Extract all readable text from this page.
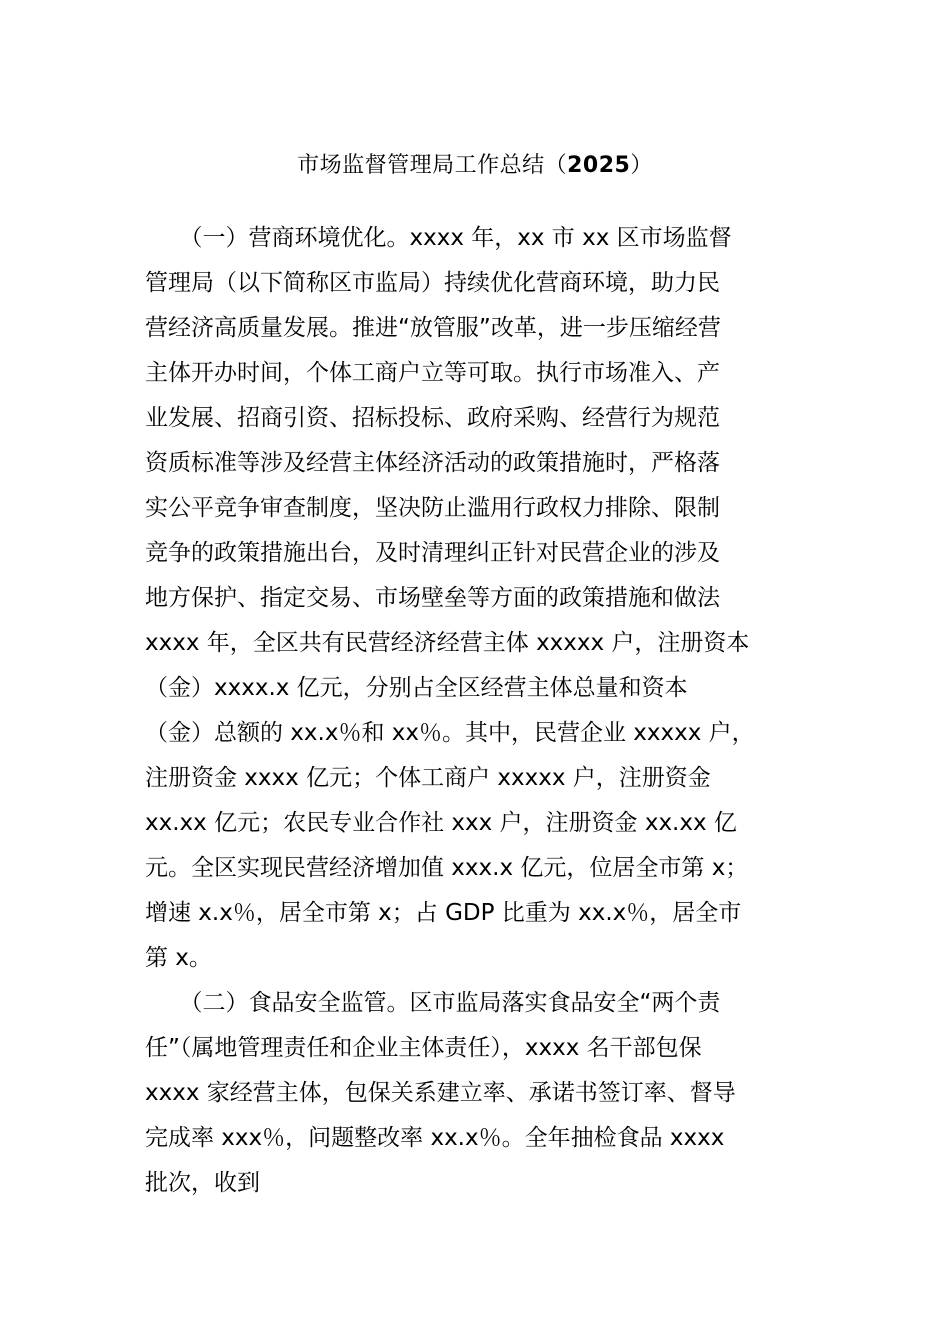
市场监督管理局工作总结（2025）
　　（一）营商环境优化。xxxx 年，xx 市 xx 区市场监督
管理局（以下简称区市监局）持续优化营商环境，助力民
营经济高质量发展。推进“放管服”改革，进一步压缩经营
主体开办时间，个体工商户立等可取。执行市场准入、产
业发展、招商引资、招标投标、政府采购、经营行为规范
资质标准等涉及经营主体经济活动的政策措施时，严格落
实公平竞争审查制度，坚决防止滥用行政权力排除、限制
竞争的政策措施出台，及时清理纠正针对民营企业的涉及
地方保护、指定交易、市场壁垒等方面的政策措施和做法
xxxx 年，全区共有民营经济经营主体 xxxxx 户，注册资本
（金）xxxx.x 亿元，分别占全区经营主体总量和资本
（金）总额的 xx.x％和 xx％。其中，民营企业 xxxxx 户，
注册资金 xxxx 亿元；个体工商户 xxxxx 户，注册资金
xx.xx 亿元；农民专业合作社 xxx 户，注册资金 xx.xx 亿
元。全区实现民营经济增加值 xxx.x 亿元，位居全市第 x；
增速 x.x％，居全市第 x；占 GDP 比重为 xx.x％，居全市
第 x。
　　（二）食品安全监管。区市监局落实食品安全“两个责
任”（属地管理责任和企业主体责任），xxxx 名干部包保
xxxx 家经营主体，包保关系建立率、承诺书签订率、督导
完成率 xxx％，问题整改率 xx.x％。全年抽检食品 xxxx
批次，收到
